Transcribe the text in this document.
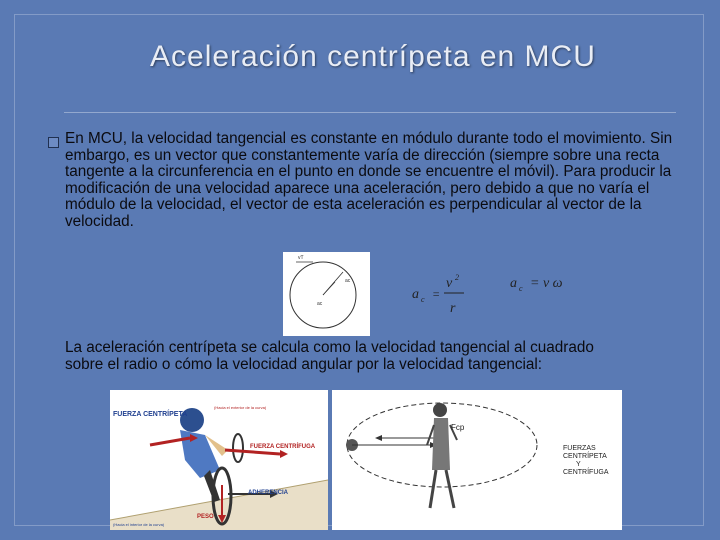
Aceleración centrípeta en MCU
En MCU, la velocidad tangencial es constante en módulo durante todo el movimiento. Sin embargo, es un vector que constantemente varía de dirección (siempre sobre una recta tangente a la circunferencia en el punto en donde se encuentre el móvil). Para producir la modificación de una velocidad aparece una aceleración, pero debido a que no varía el módulo de la velocidad, el vector de esta aceleración es perpendicular al vector de la velocidad.
vT
ac
ac
a c =
v 2
r
a c = v ω
La aceleración centrípeta se calcula como la velocidad tangencial al cuadrado sobre el radio o cómo la velocidad angular por la velocidad tangencial:
FUERZA CENTRÍPETA
(Hacia el exterior de la curva)
FUERZA CENTRÍFUGA
ADHERENCIA
PESO
(Hacia el interior de la curva)
Fcp
FUERZAS
CENTRÍPETA
Y
CENTRÍFUGA
